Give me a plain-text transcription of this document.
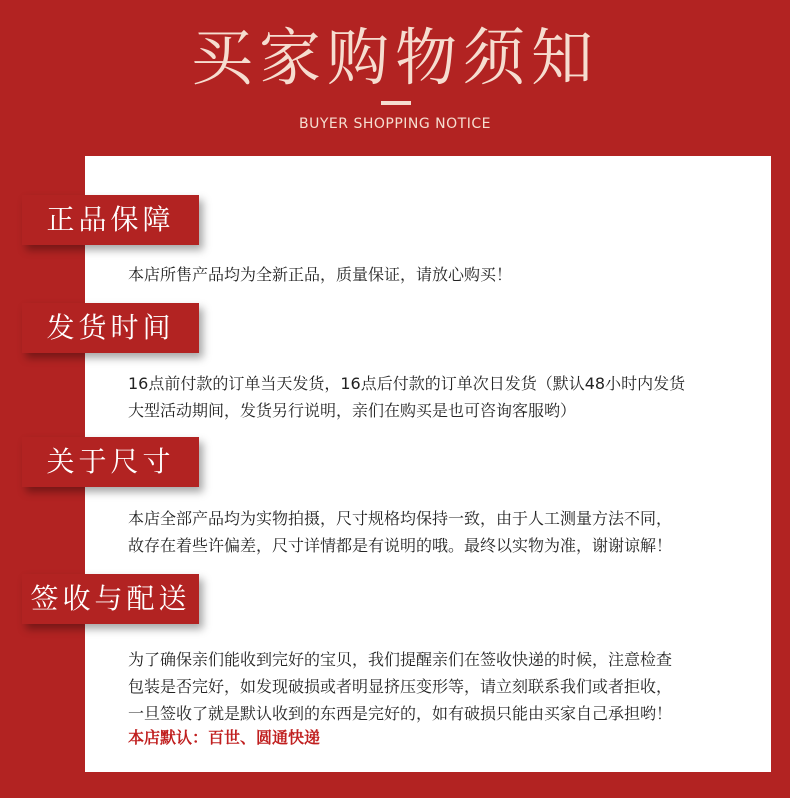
买家购物须知
BUYER SHOPPING NOTICE
正品保障
本店所售产品均为全新正品，质量保证，请放心购买！
发货时间
16点前付款的订单当天发货，16点后付款的订单次日发货（默认48小时内发货
大型活动期间，发货另行说明，亲们在购买是也可咨询客服哟）
关于尺寸
本店全部产品均为实物拍摄，尺寸规格均保持一致，由于人工测量方法不同，
故存在着些许偏差，尺寸详情都是有说明的哦。最终以实物为准，谢谢谅解！
签收与配送
为了确保亲们能收到完好的宝贝，我们提醒亲们在签收快递的时候，注意检查
包装是否完好，如发现破损或者明显挤压变形等，请立刻联系我们或者拒收，
一旦签收了就是默认收到的东西是完好的，如有破损只能由买家自己承担哟！
本店默认：百世、圆通快递
